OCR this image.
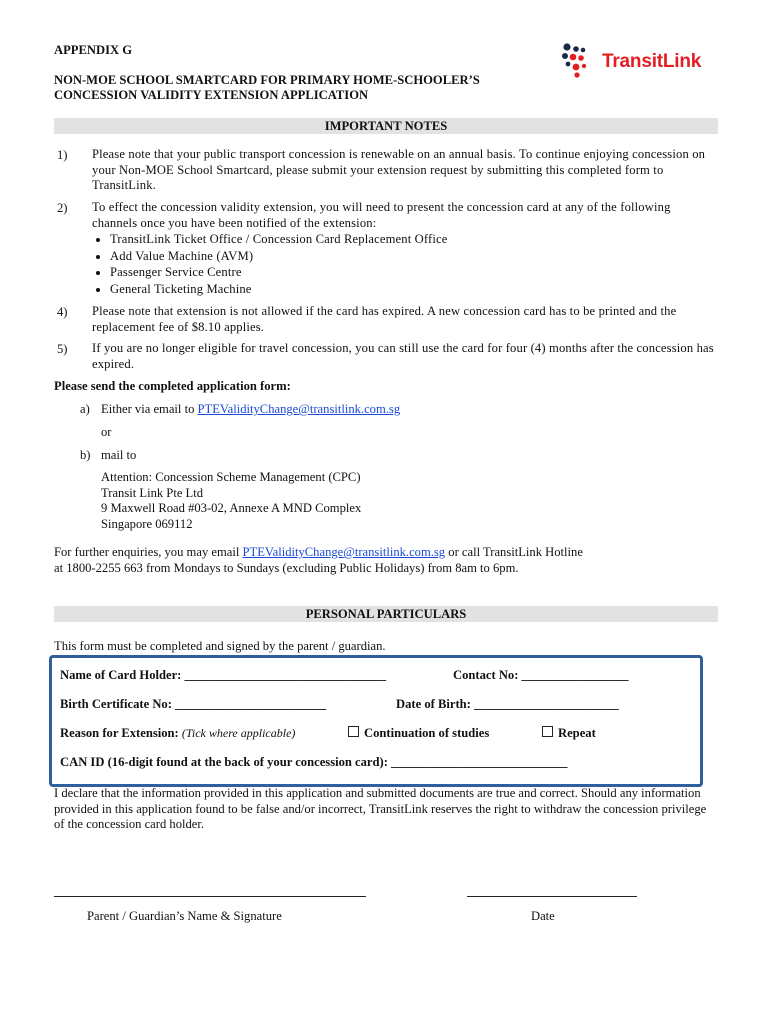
APPENDIX G
NON-MOE SCHOOL SMARTCARD FOR PRIMARY HOME-SCHOOLER’S
CONCESSION VALIDITY EXTENSION APPLICATION
TransitLink
IMPORTANT NOTES
1) Please note that your public transport concession is renewable on an annual basis. To continue enjoying concession on your Non-MOE School Smartcard, please submit your extension request by submitting this completed form to TransitLink.
2) To effect the concession validity extension, you will need to present the concession card at any of the following channels once you have been notified of the extension:
• TransitLink Ticket Office / Concession Card Replacement Office
• Add Value Machine (AVM)
• Passenger Service Centre
• General Ticketing Machine
4) Please note that extension is not allowed if the card has expired. A new concession card has to be printed and the replacement fee of $8.10 applies.
5) If you are no longer eligible for travel concession, you can still use the card for four (4) months after the concession has expired.
Please send the completed application form:
a) Either via email to PTEValidityChange@transitlink.com.sg
or
b) mail to
Attention: Concession Scheme Management (CPC)
Transit Link Pte Ltd
9 Maxwell Road #03-02, Annexe A MND Complex
Singapore 069112
For further enquiries, you may email PTEValidityChange@transitlink.com.sg or call TransitLink Hotline
at 1800-2255 663 from Mondays to Sundays (excluding Public Holidays) from 8am to 6pm.
PERSONAL PARTICULARS
This form must be completed and signed by the parent / guardian.
Name of Card Holder: ________________________________	Contact No: _________________
Birth Certificate No: ________________________	Date of Birth: _______________________
Reason for Extension: (Tick where applicable)	Continuation of studies	Repeat
CAN ID (16-digit found at the back of your concession card): ____________________________
I declare that the information provided in this application and submitted documents are true and correct. Should any information provided in this application found to be false and/or incorrect, TransitLink reserves the right to withdraw the concession privilege of the concession card holder.
Parent / Guardian’s Name & Signature	Date
